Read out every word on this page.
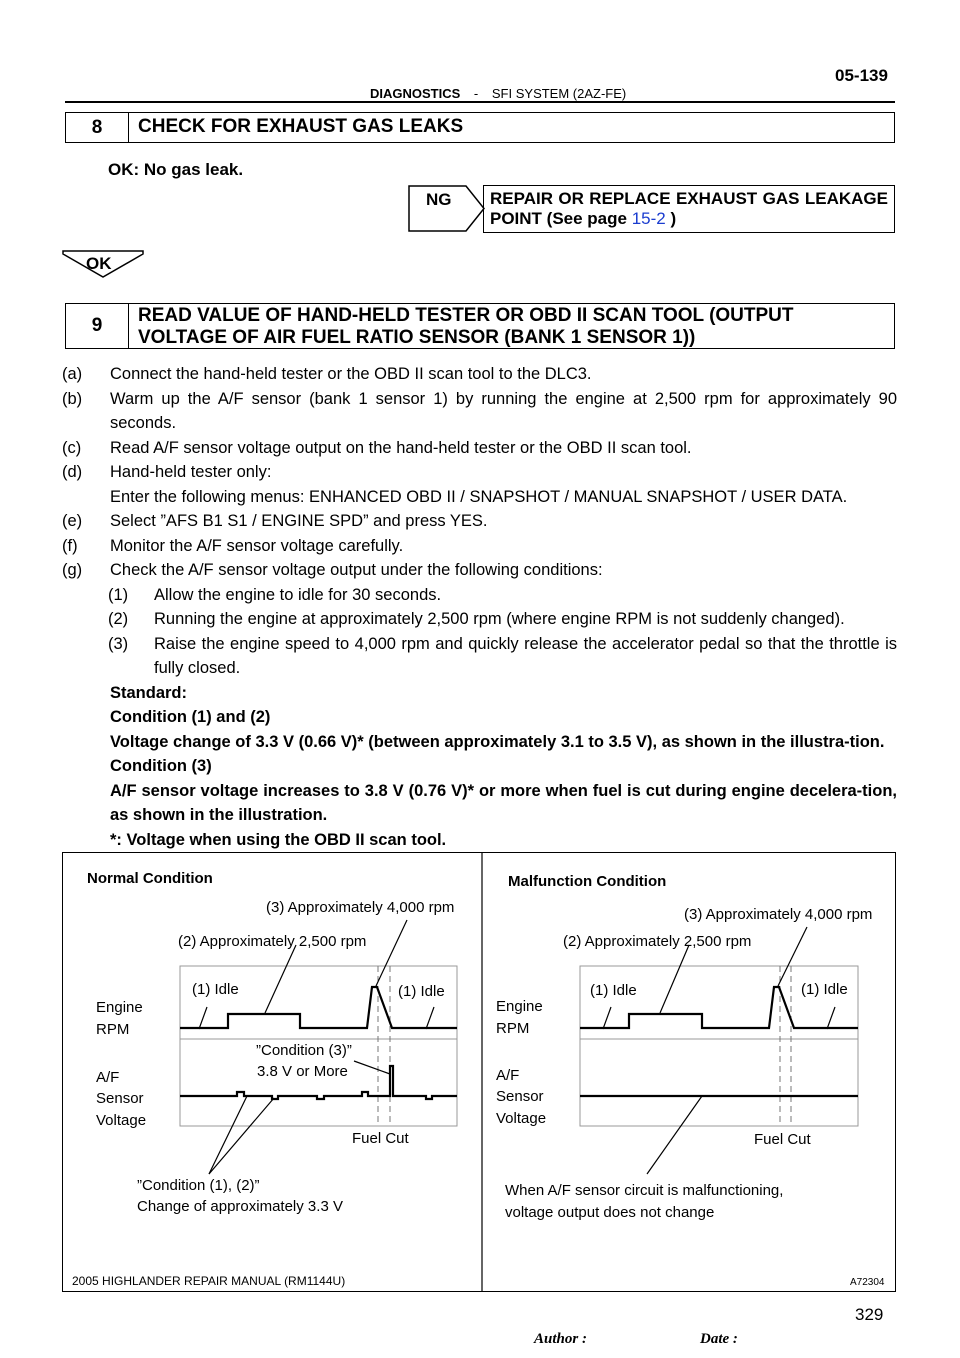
DIAGNOSTICS - SFI SYSTEM (2AZ-FE)
05-139
8	CHECK FOR EXHAUST GAS LEAKS
OK: No gas leak.
NG	REPAIR OR REPLACE EXHAUST GAS LEAKAGE POINT (See page 15-2 )
OK
9	READ VALUE OF HAND-HELD TESTER OR OBD II SCAN TOOL (OUTPUT VOLTAGE OF AIR FUEL RATIO SENSOR (BANK 1 SENSOR 1))
(a) Connect the hand-held tester or the OBD II scan tool to the DLC3.
(b) Warm up the A/F sensor (bank 1 sensor 1) by running the engine at 2,500 rpm for approximately 90 seconds.
(c) Read A/F sensor voltage output on the hand-held tester or the OBD II scan tool.
(d) Hand-held tester only:
Enter the following menus: ENHANCED OBD II / SNAPSHOT / MANUAL SNAPSHOT / USER DATA.
(e) Select ”AFS B1 S1 / ENGINE SPD” and press YES.
(f) Monitor the A/F sensor voltage carefully.
(g) Check the A/F sensor voltage output under the following conditions:
(1) Allow the engine to idle for 30 seconds.
(2) Running the engine at approximately 2,500 rpm (where engine RPM is not suddenly changed).
(3) Raise the engine speed to 4,000 rpm and quickly release the accelerator pedal so that the throttle is fully closed.
Standard:
Condition (1) and (2)
Voltage change of 3.3 V (0.66 V)* (between approximately 3.1 to 3.5 V), as shown in the illustra-tion.
Condition (3)
A/F sensor voltage increases to 3.8 V (0.76 V)* or more when fuel is cut during engine decelera-tion, as shown in the illustration.
*: Voltage when using the OBD II scan tool.
Normal Condition
(3) Approximately 4,000 rpm
(2) Approximately 2,500 rpm
(1) Idle	(1) Idle
Engine
RPM
”Condition (3)”
3.8 V or More
A/F
Sensor
Voltage
Fuel Cut
”Condition (1), (2)”
Change of approximately 3.3 V
Malfunction Condition
(3) Approximately 4,000 rpm
(2) Approximately 2,500 rpm
(1) Idle	(1) Idle
Engine
RPM
A/F
Sensor
Voltage
Fuel Cut
When A/F sensor circuit is malfunctioning,
voltage output does not change
2005 HIGHLANDER REPAIR MANUAL (RM1144U)	A72304
329
Author :	Date :
